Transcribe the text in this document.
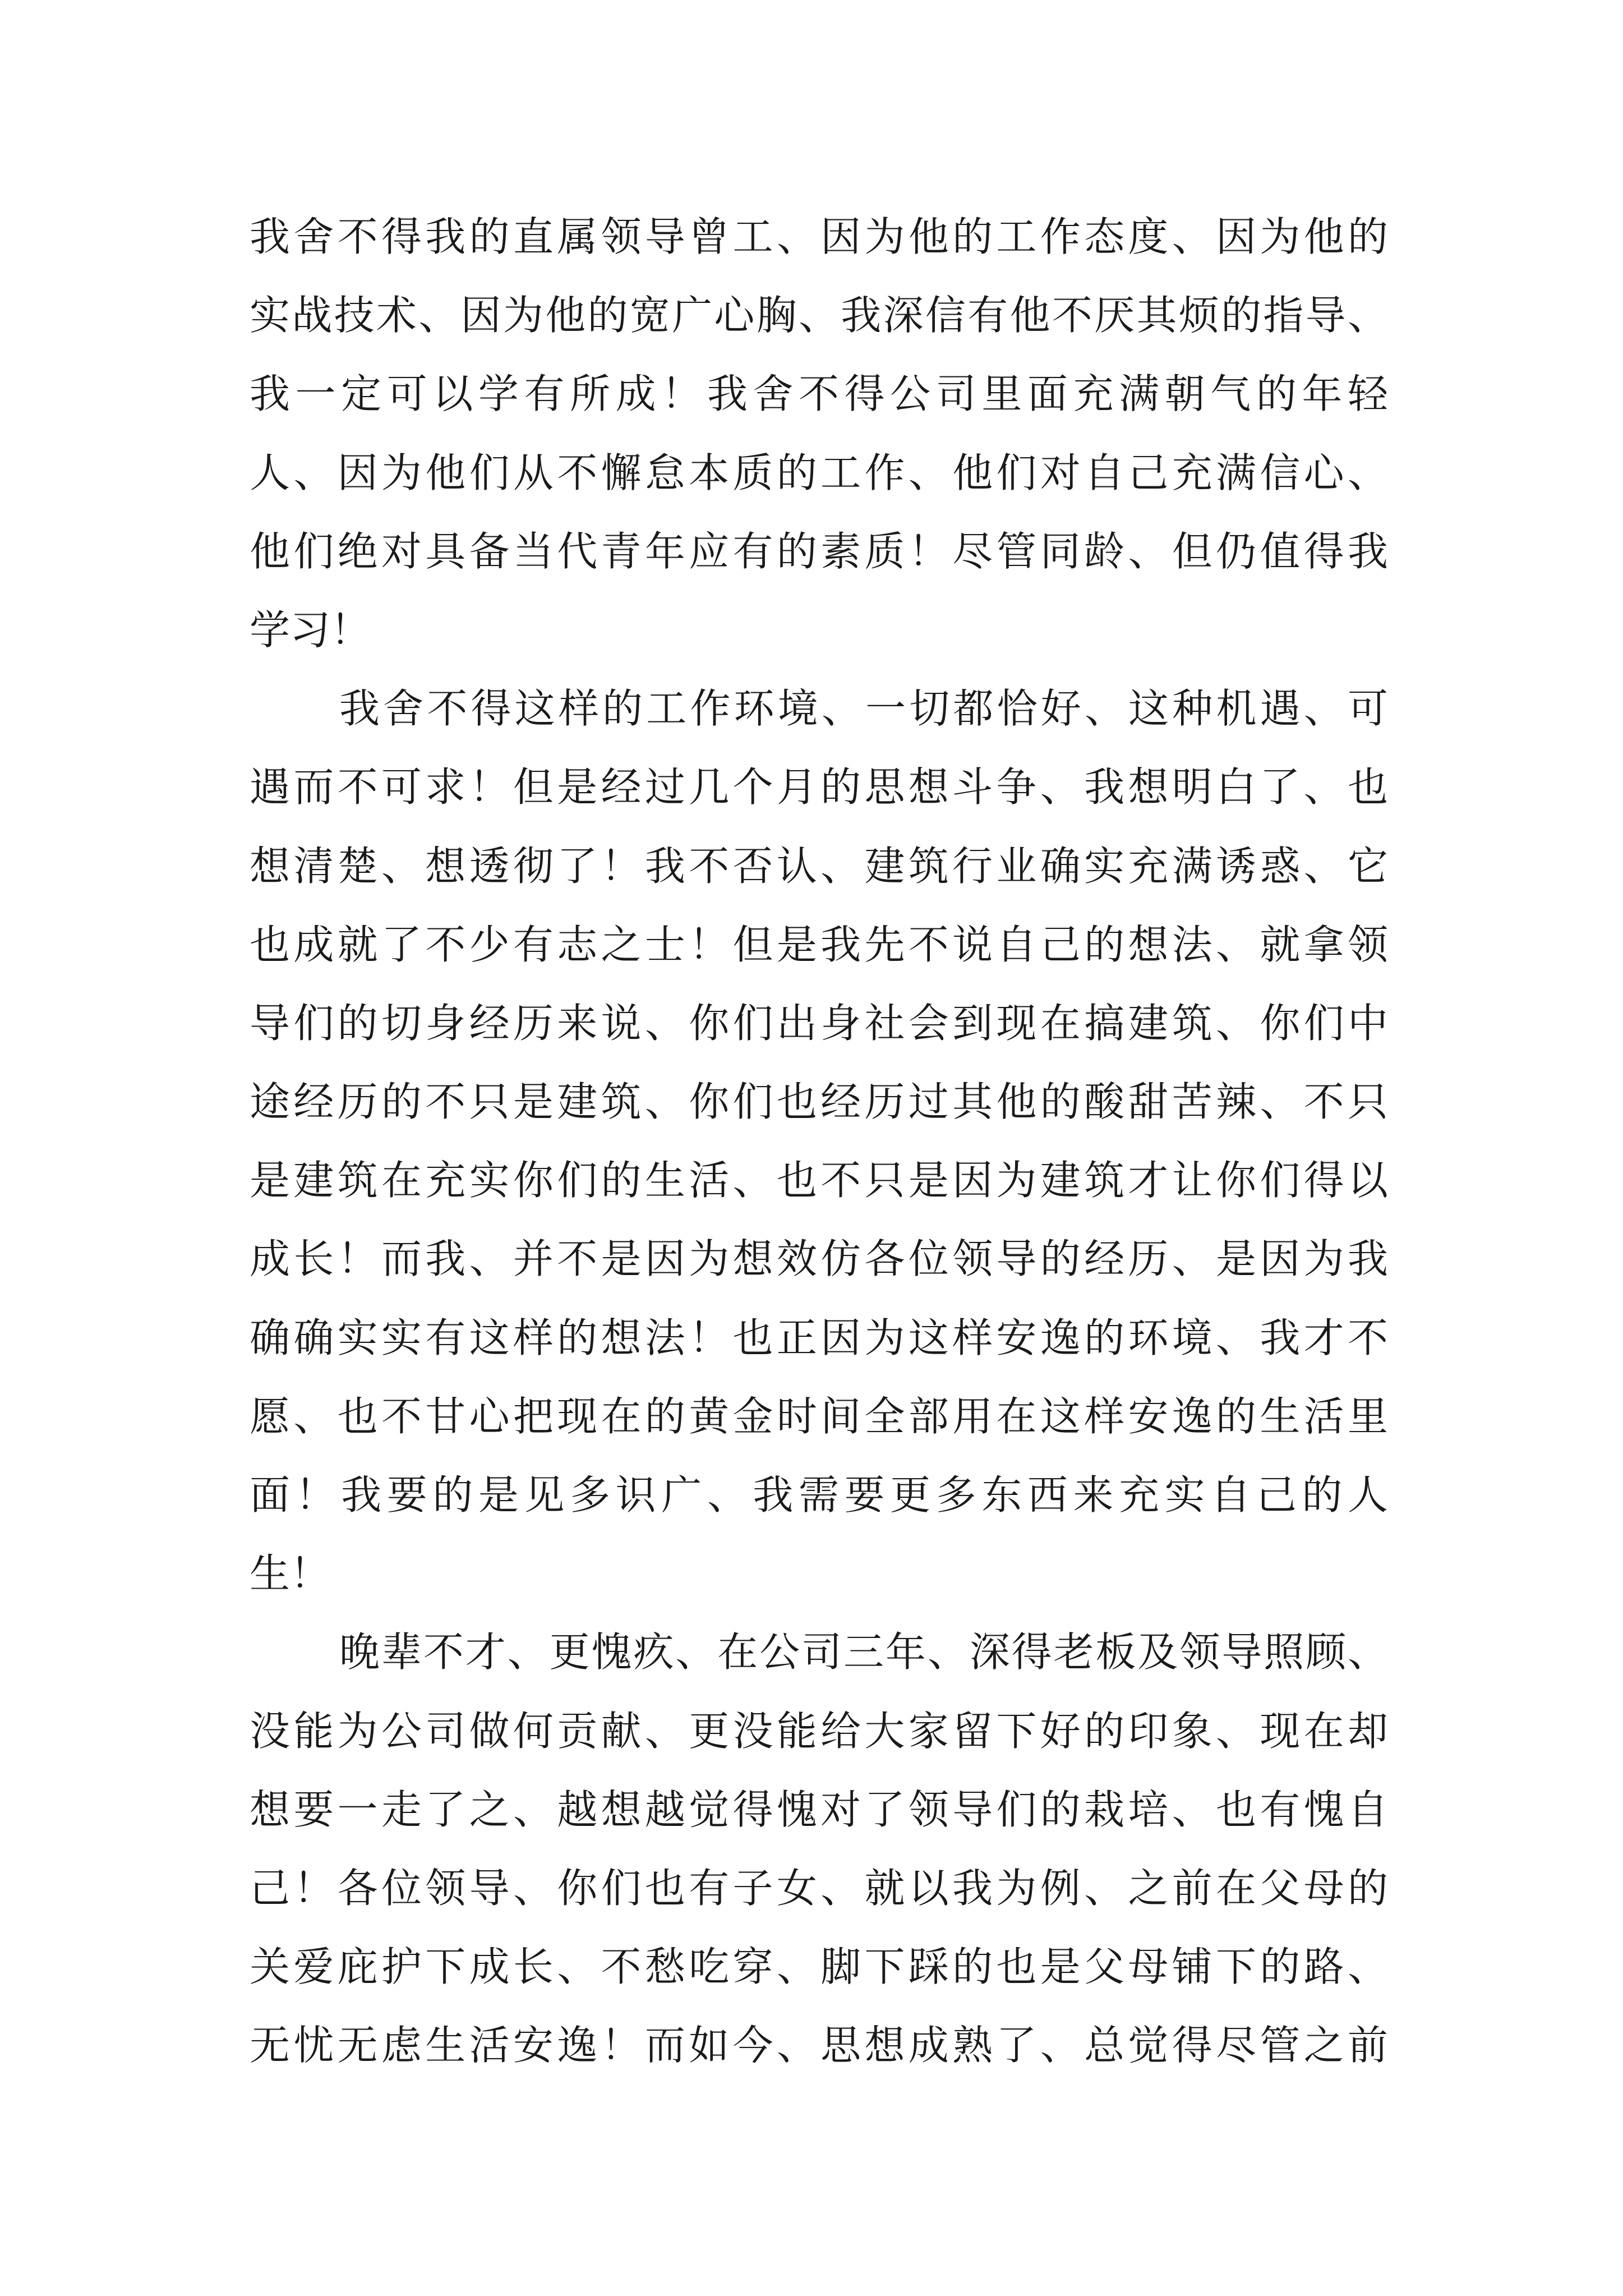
我舍不得我的直属领导曾工、因为他的工作态度、因为他的
实战技术、因为他的宽广心胸、我深信有他不厌其烦的指导、
我一定可以学有所成！我舍不得公司里面充满朝气的年轻
人、因为他们从不懈怠本质的工作、他们对自己充满信心、
他们绝对具备当代青年应有的素质！尽管同龄、但仍值得我
学习！
我舍不得这样的工作环境、一切都恰好、这种机遇、可
遇而不可求！但是经过几个月的思想斗争、我想明白了、也
想清楚、想透彻了！我不否认、建筑行业确实充满诱惑、它
也成就了不少有志之士！但是我先不说自己的想法、就拿领
导们的切身经历来说、你们出身社会到现在搞建筑、你们中
途经历的不只是建筑、你们也经历过其他的酸甜苦辣、不只
是建筑在充实你们的生活、也不只是因为建筑才让你们得以
成长！而我、并不是因为想效仿各位领导的经历、是因为我
确确实实有这样的想法！也正因为这样安逸的环境、我才不
愿、也不甘心把现在的黄金时间全部用在这样安逸的生活里
面！我要的是见多识广、我需要更多东西来充实自己的人
生！
晚辈不才、更愧疚、在公司三年、深得老板及领导照顾、
没能为公司做何贡献、更没能给大家留下好的印象、现在却
想要一走了之、越想越觉得愧对了领导们的栽培、也有愧自
己！各位领导、你们也有子女、就以我为例、之前在父母的
关爱庇护下成长、不愁吃穿、脚下踩的也是父母铺下的路、
无忧无虑生活安逸！而如今、思想成熟了、总觉得尽管之前
